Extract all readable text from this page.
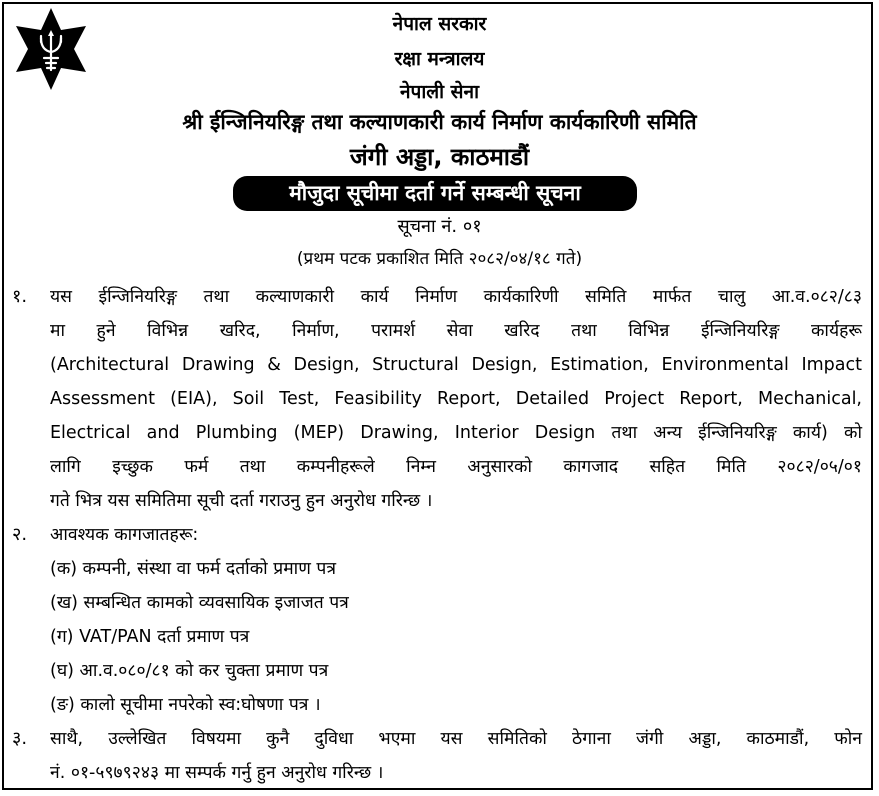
नेपाल सरकार
रक्षा मन्त्रालय
नेपाली सेना
श्री ईन्जिनियरिङ्ग तथा कल्याणकारी कार्य निर्माण कार्यकारिणी समिति
जंगी अड्डा, काठमाडौं
मौजुदा सूचीमा दर्ता गर्ने सम्बन्धी सूचना
सूचना नं. ०१
(प्रथम पटक प्रकाशित मिति २०८२/०४/१८ गते)
१. यस ईन्जिनियरिङ्ग तथा कल्याणकारी कार्य निर्माण कार्यकारिणी समिति मार्फत चालु आ.व.०८२/८३
मा हुने विभिन्न खरिद, निर्माण, परामर्श सेवा खरिद तथा विभिन्न ईन्जिनियरिङ्ग कार्यहरू
(Architectural Drawing & Design, Structural Design, Estimation, Environmental Impact
Assessment (EIA), Soil Test, Feasibility Report, Detailed Project Report, Mechanical,
Electrical and Plumbing (MEP) Drawing, Interior Design तथा अन्य ईन्जिनियरिङ्ग कार्य) को
लागि इच्छुक फर्म तथा कम्पनीहरूले निम्न अनुसारको कागजाद सहित मिति २०८२/०५/०१
गते भित्र यस समितिमा सूची दर्ता गराउनु हुन अनुरोध गरिन्छ ।
२. आवश्यक कागजातहरू:
(क) कम्पनी, संस्था वा फर्म दर्ताको प्रमाण पत्र
(ख) सम्बन्धित कामको व्यवसायिक इजाजत पत्र
(ग) VAT/PAN दर्ता प्रमाण पत्र
(घ) आ.व.०८०/८१ को कर चुक्ता प्रमाण पत्र
(ङ) कालो सूचीमा नपरेको स्व:घोषणा पत्र ।
३. साथै, उल्लेखित विषयमा कुनै दुविधा भएमा यस समितिको ठेगाना जंगी अड्डा, काठमाडौं, फोन
नं. ०१-५९७९२४३ मा सम्पर्क गर्नु हुन अनुरोध गरिन्छ ।
